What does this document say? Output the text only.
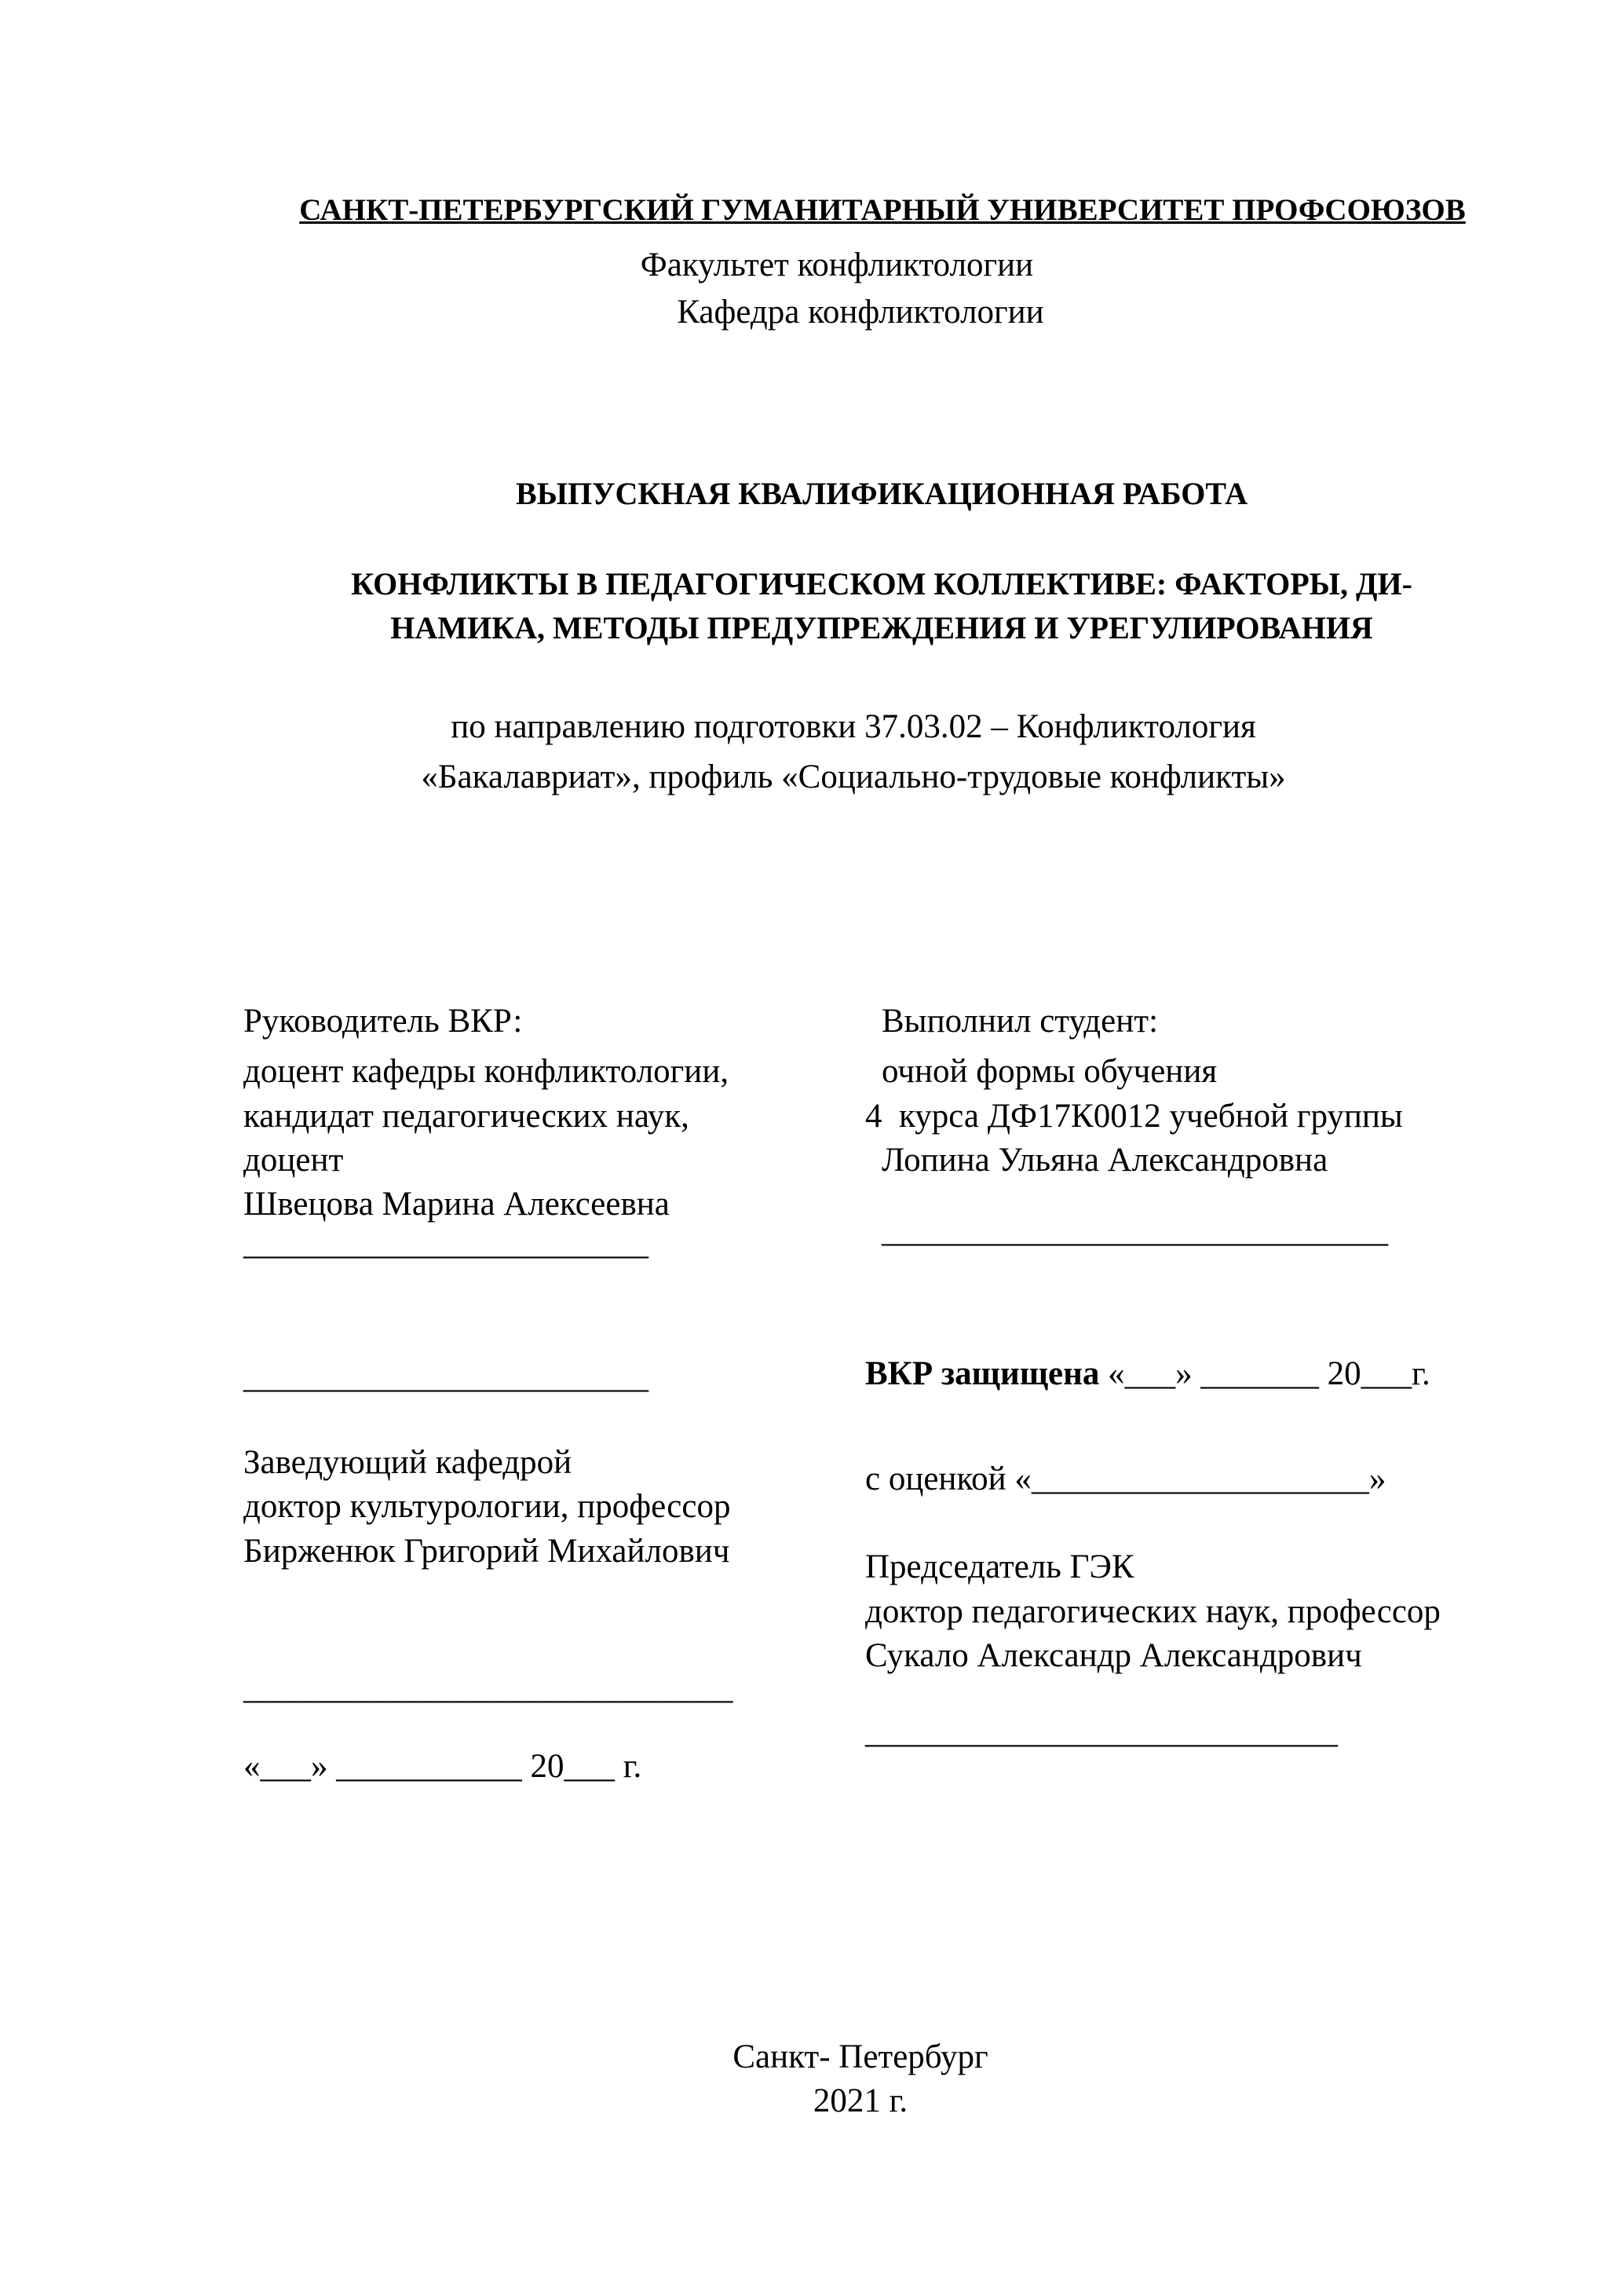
САНКТ-ПЕТЕРБУРГСКИЙ ГУМАНИТАРНЫЙ УНИВЕРСИТЕТ ПРОФСОЮЗОВ
Факультет конфликтологии
Кафедра конфликтологии
ВЫПУСКНАЯ КВАЛИФИКАЦИОННАЯ РАБОТА
КОНФЛИКТЫ В ПЕДАГОГИЧЕСКОМ КОЛЛЕКТИВЕ: ФАКТОРЫ, ДИ-
НАМИКА, МЕТОДЫ ПРЕДУПРЕЖДЕНИЯ И УРЕГУЛИРОВАНИЯ
по направлению подготовки 37.03.02 – Конфликтология
«Бакалавриат», профиль «Социально-трудовые конфликты»
Руководитель ВКР:
доцент кафедры конфликтологии,
кандидат педагогических наук,
доцент
Швецова Марина Алексеевна
________________________
________________________
Выполнил студент:
очной формы обучения
4  курса ДФ17К0012 учебной группы
Лопина Ульяна Александровна
______________________________
ВКР защищена «___» _______ 20___г.
с оценкой «____________________»
Заведующий кафедрой
доктор культурологии, профессор
Бирженюк Григорий Михайлович
_____________________________
«___» ___________ 20___ г.
Председатель ГЭК
доктор педагогических наук, профессор
Сукало Александр Александрович
____________________________
Санкт- Петербург
2021 г.
